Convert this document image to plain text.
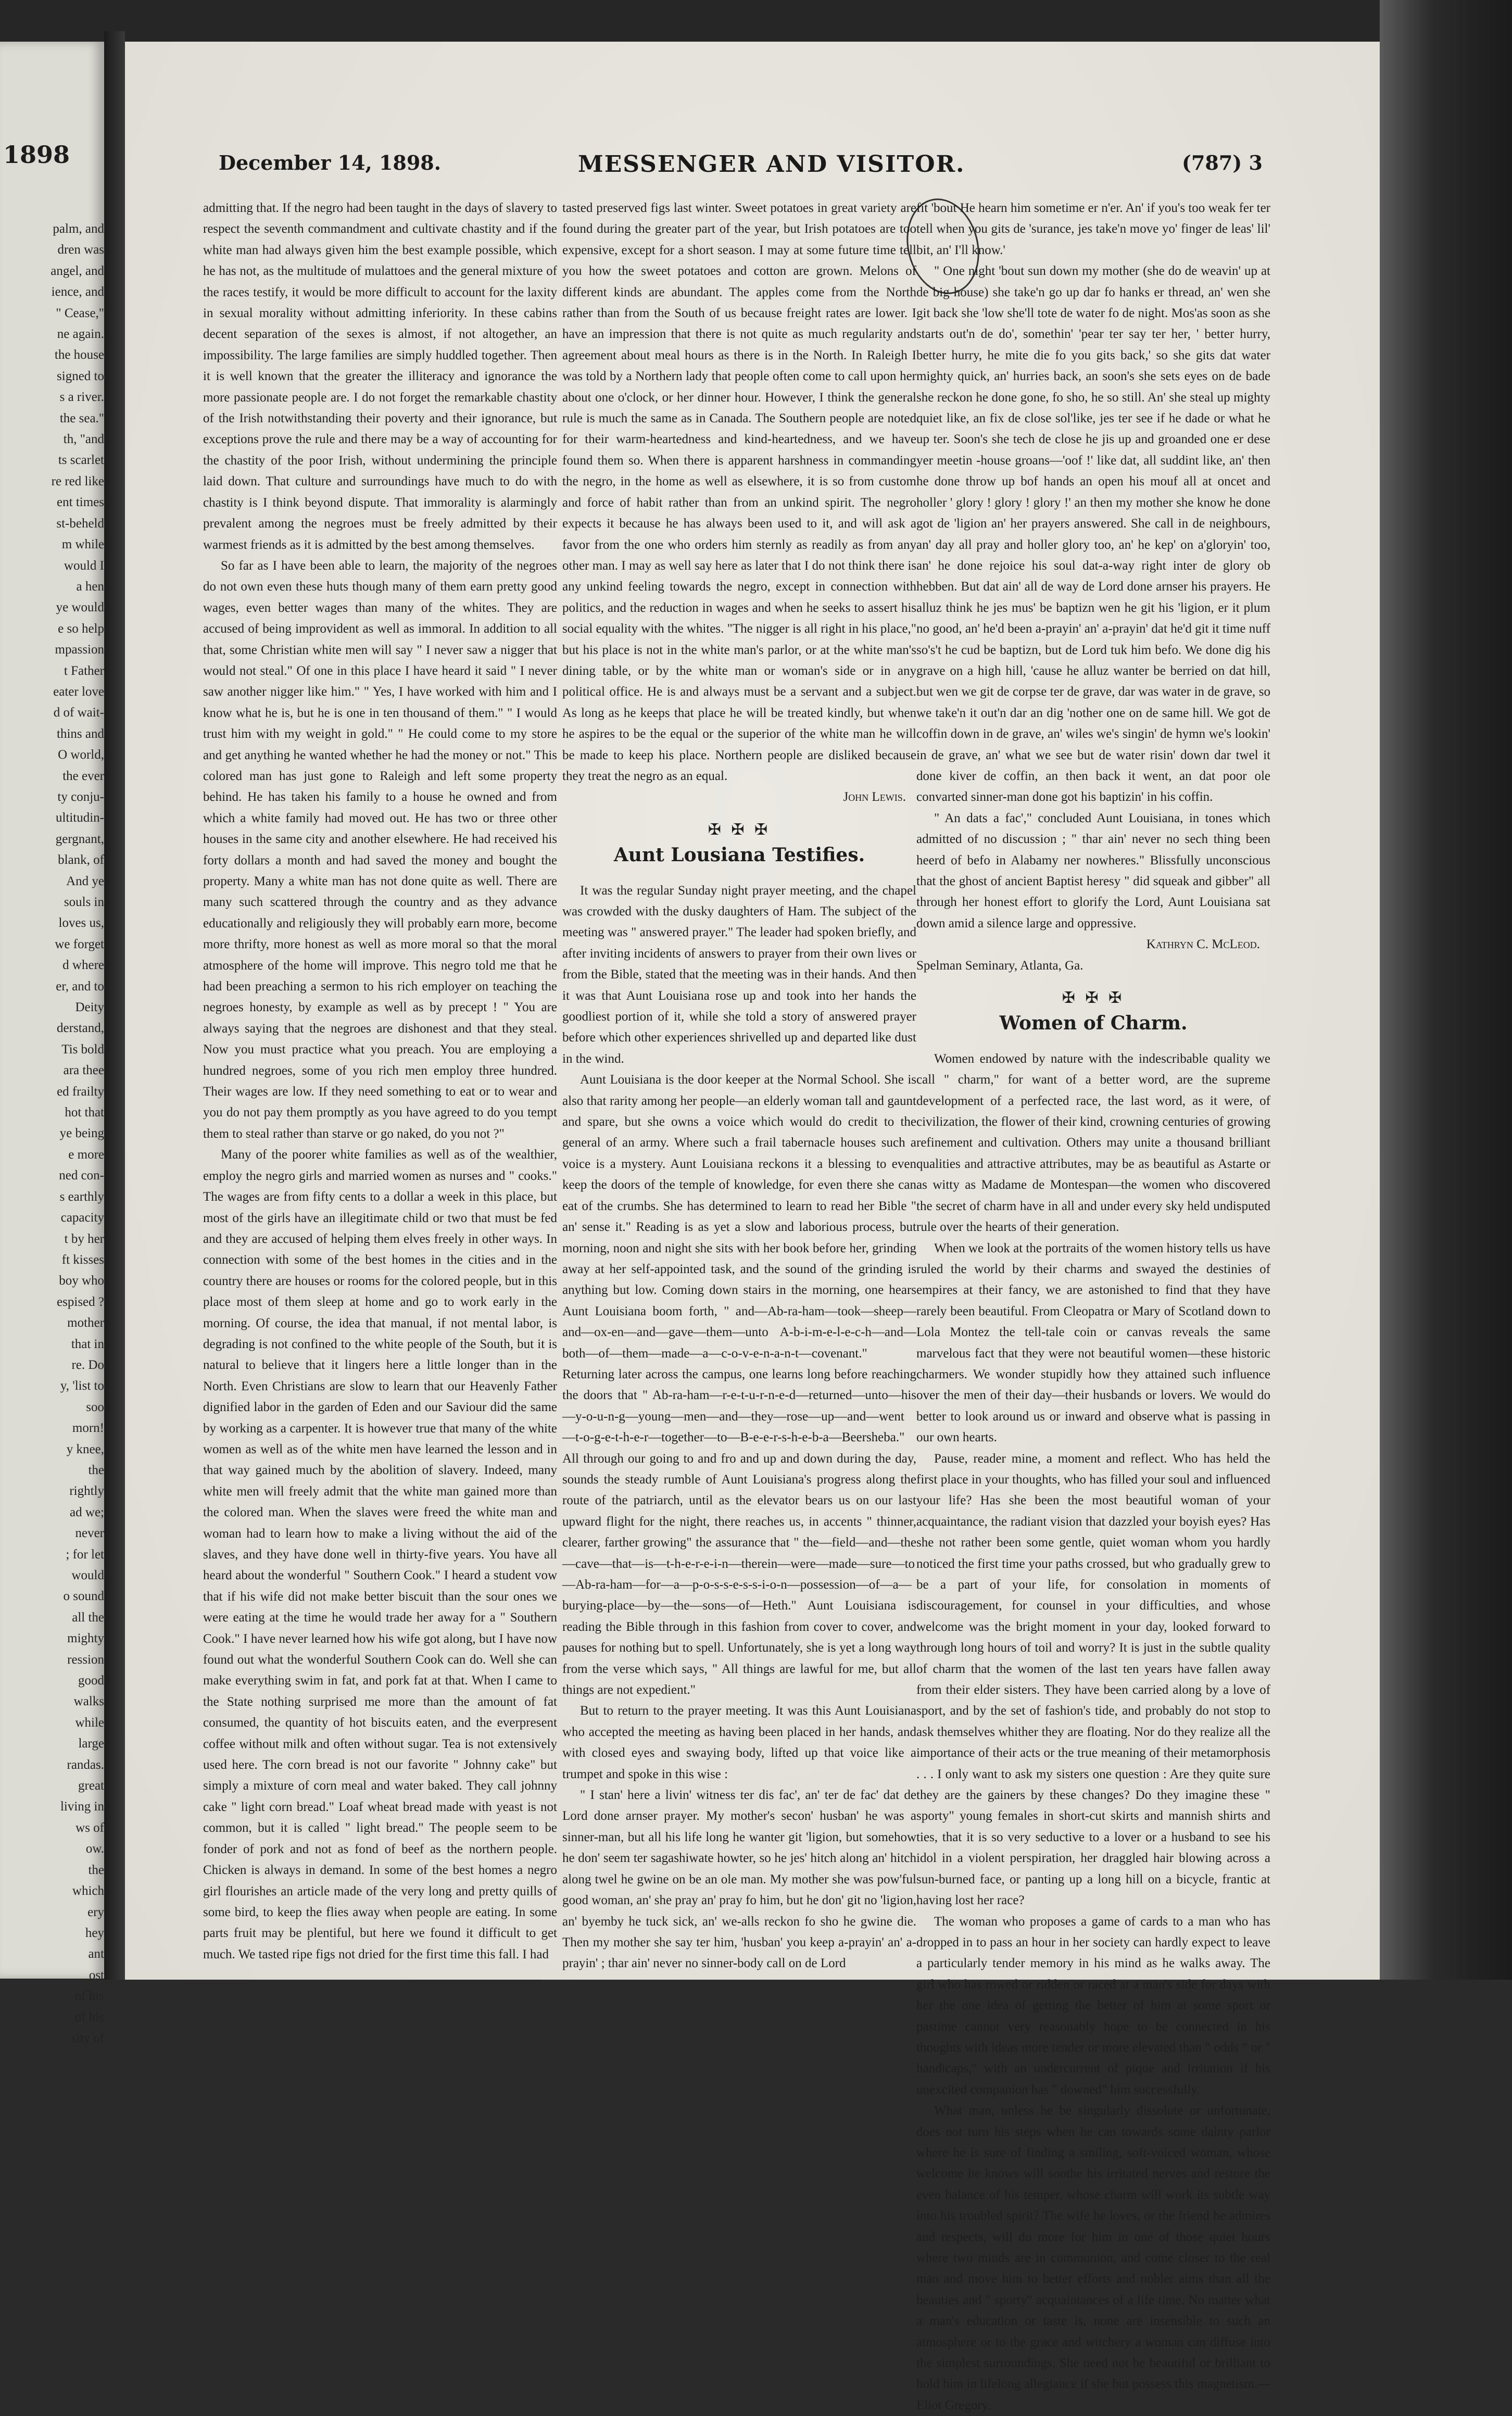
1898
palm, and
dren was
angel, and
ience, and
" Cease,"
ne again.
the house
signed to
s a river.
the sea."
th, "and
ts scarlet
re red like
ent times
st-beheld
m while
would I
a hen
ye would
e so help
mpassion
t Father
eater love
d of wait-
thins and
O world,
the ever
ty conju-
ultitudin-
gergnant,
blank, of
And ye
souls in
loves us,
we forget
d where
er, and to
Deity
derstand,
Tis bold
ara thee
ed frailty
hot that
ye being
e more
ned con-
s earthly
capacity
t by her
ft kisses
boy who
espised ?
mother
that in
re. Do
y, 'list to
soo
morn!
y knee,
the
rightly
ad we;
never
; for let
would
o sound
all the
mighty
ression
good
walks
while
large
randas.
great
living in
ws of
ow.
the
which
ery
hey
ant
ost
of his
of his
sity of
December 14, 1898.	MESSENGER AND VISITOR.	(787) 3

admitting that. If the negro had been taught in the days of slavery to respect the seventh commandment and cultivate chastity and if the white man had always given him the best example possible, which he has not, as the multitude of mulattoes and the general mixture of the races testify, it would be more difficult to account for the laxity in sexual morality without admitting inferiority. In these cabins decent separation of the sexes is almost, if not altogether, an impossibility. The large families are simply huddled together. Then it is well known that the greater the illiteracy and ignorance the more passionate people are. I do not forget the remarkable chastity of the Irish notwithstanding their poverty and their ignorance, but exceptions prove the rule and there may be a way of accounting for the chastity of the poor Irish, without undermining the principle laid down. That culture and surroundings have much to do with chastity is I think beyond dispute. That immorality is alarmingly prevalent among the negroes must be freely admitted by their warmest friends as it is admitted by the best among themselves.

So far as I have been able to learn, the majority of the negroes do not own even these huts though many of them earn pretty good wages, even better wages than many of the whites. They are accused of being improvident as well as immoral. In addition to all that, some Christian white men will say " I never saw a nigger that would not steal." Of one in this place I have heard it said " I never saw another nigger like him." " Yes, I have worked with him and I know what he is, but he is one in ten thousand of them." " I would trust him with my weight in gold." " He could come to my store and get anything he wanted whether he had the money or not." This colored man has just gone to Raleigh and left some property behind. He has taken his family to a house he owned and from which a white family had moved out. He has two or three other houses in the same city and another elsewhere. He had received his forty dollars a month and had saved the money and bought the property. Many a white man has not done quite as well. There are many such scattered through the country and as they advance educationally and religiously they will probably earn more, become more thrifty, more honest as well as more moral so that the moral atmosphere of the home will improve. This negro told me that he had been preaching a sermon to his rich employer on teaching the negroes honesty, by example as well as by precept ! " You are always saying that the negroes are dishonest and that they steal. Now you must practice what you preach. You are employing a hundred negroes, some of you rich men employ three hundred. Their wages are low. If they need something to eat or to wear and you do not pay them promptly as you have agreed to do you tempt them to steal rather than starve or go naked, do you not ?"

Many of the poorer white families as well as of the wealthier, employ the negro girls and married women as nurses and " cooks." The wages are from fifty cents to a dollar a week in this place, but most of the girls have an illegitimate child or two that must be fed and they are accused of helping them elves freely in other ways. In connection with some of the best homes in the cities and in the country there are houses or rooms for the colored people, but in this place most of them sleep at home and go to work early in the morning. Of course, the idea that manual, if not mental labor, is degrading is not confined to the white people of the South, but it is natural to believe that it lingers here a little longer than in the North. Even Christians are slow to learn that our Heavenly Father dignified labor in the garden of Eden and our Saviour did the same by working as a carpenter. It is however true that many of the white women as well as of the white men have learned the lesson and in that way gained much by the abolition of slavery. Indeed, many white men will freely admit that the white man gained more than the colored man. When the slaves were freed the white man and woman had to learn how to make a living without the aid of the slaves, and they have done well in thirty-five years. You have all heard about the wonderful " Southern Cook." I heard a student vow that if his wife did not make better biscuit than the sour ones we were eating at the time he would trade her away for a " Southern Cook." I have never learned how his wife got along, but I have now found out what the wonderful Southern Cook can do. Well she can make everything swim in fat, and pork fat at that. When I came to the State nothing surprised me more than the amount of fat consumed, the quantity of hot biscuits eaten, and the everpresent coffee without milk and often without sugar. Tea is not extensively used here. The corn bread is not our favorite " Johnny cake" but simply a mixture of corn meal and water baked. They call johnny cake " light corn bread." Loaf wheat bread made with yeast is not common, but it is called " light bread." The people seem to be fonder of pork and not as fond of beef as the northern people. Chicken is always in demand. In some of the best homes a negro girl flourishes an article made of the very long and pretty quills of some bird, to keep the flies away when people are eating. In some parts fruit may be plentiful, but here we found it difficult to get much. We tasted ripe figs not dried for the first time this fall. I had

tasted preserved figs last winter. Sweet potatoes in great variety are found during the greater part of the year, but Irish potatoes are too expensive, except for a short season. I may at some future time tell you how the sweet potatoes and cotton are grown. Melons of different kinds are abundant. The apples come from the North rather than from the South of us because freight rates are lower. I have an impression that there is not quite as much regularity and agreement about meal hours as there is in the North. In Raleigh I was told by a Northern lady that people often come to call upon her about one o'clock, or her dinner hour. However, I think the general rule is much the same as in Canada. The Southern people are noted for their warm-heartedness and kind-heartedness, and we have found them so. When there is apparent harshness in commanding the negro, in the home as well as elsewhere, it is so from custom and force of habit rather than from an unkind spirit. The negro expects it because he has always been used to it, and will ask a favor from the one who orders him sternly as readily as from any other man. I may as well say here as later that I do not think there is any unkind feeling towards the negro, except in connection with politics, and the reduction in wages and when he seeks to assert his social equality with the whites. "The nigger is all right in his place," but his place is not in the white man's parlor, or at the white man's dining table, or by the white man or woman's side or in any political office. He is and always must be a servant and a subject. As long as he keeps that place he will be treated kindly, but when he aspires to be the equal or the superior of the white man he will be made to keep his place. Northern people are disliked because they treat the negro as an equal.

John Lewis.

✠ ✠ ✠
Aunt Lousiana Testifies.

It was the regular Sunday night prayer meeting, and the chapel was crowded with the dusky daughters of Ham. The subject of the meeting was " answered prayer." The leader had spoken briefly, and after inviting incidents of answers to prayer from their own lives or from the Bible, stated that the meeting was in their hands. And then it was that Aunt Louisiana rose up and took into her hands the goodliest portion of it, while she told a story of answered prayer before which other experiences shrivelled up and departed like dust in the wind.

Aunt Louisiana is the door keeper at the Normal School. She is also that rarity among her people—an elderly woman tall and gaunt and spare, but she owns a voice which would do credit to the general of an army. Where such a frail tabernacle houses such a voice is a mystery. Aunt Louisiana reckons it a blessing to even keep the doors of the temple of knowledge, for even there she can eat of the crumbs. She has determined to learn to read her Bible " an' sense it." Reading is as yet a slow and laborious process, but morning, noon and night she sits with her book before her, grinding away at her self-appointed task, and the sound of the grinding is anything but low. Coming down stairs in the morning, one hears Aunt Louisiana boom forth, " and—Ab-ra-ham—took—sheep—and—ox-en—and—gave—them—unto A-b-i-m-e-l-e-c-h—and—both—of—them—made—a—c-o-v-e-n-a-n-t—covenant." Returning later across the campus, one learns long before reaching the doors that " Ab-ra-ham—r-e-t-u-r-n-e-d—returned—unto—his—y-o-u-n-g—young—men—and—they—rose—up—and—went—t-o-g-e-t-h-e-r—together—to—B-e-e-r-s-h-e-b-a—Beersheba." All through our going to and fro and up and down during the day, sounds the steady rumble of Aunt Louisiana's progress along the route of the patriarch, until as the elevator bears us on our last upward flight for the night, there reaches us, in accents " thinner, clearer, farther growing" the assurance that " the—field—and—the—cave—that—is—t-h-e-r-e-i-n—therein—were—made—sure—to—Ab-ra-ham—for—a—p-o-s-s-e-s-s-i-o-n—possession—of—a—burying-place—by—the—sons—of—Heth." Aunt Louisiana is reading the Bible through in this fashion from cover to cover, and pauses for nothing but to spell. Unfortunately, she is yet a long way from the verse which says, " All things are lawful for me, but all things are not expedient."

But to return to the prayer meeting. It was this Aunt Louisiana who accepted the meeting as having been placed in her hands, and with closed eyes and swaying body, lifted up that voice like a trumpet and spoke in this wise :

" I stan' here a livin' witness ter dis fac', an' ter de fac' dat de Lord done arnser prayer. My mother's secon' husban' he was a sinner-man, but all his life long he wanter git 'ligion, but somehow he don' seem ter sagashiwate howter, so he jes' hitch along an' hitch along twel he gwine on be an ole man. My mother she was pow'ful good woman, an' she pray an' pray fo him, but he don' git no 'ligion, an' byemby he tuck sick, an' we-alls reckon fo sho he gwine die. Then my mother she say ter him, 'husban' you keep a-prayin' an' a-prayin' ; thar ain' never no sinner-body call on de Lord

fit 'bout He hearn him sometime er n'er. An' if you's too weak fer ter tell when you gits de 'surance, jes take'n move yo' finger de leas' lil' bit, an' I'll know.'

" One night 'bout sun down my mother (she do de weavin' up at de big house) she take'n go up dar fo hanks er thread, an' wen she git back she 'low she'll tote de water fo de night. Mos'as soon as she starts out'n de do', somethin' 'pear ter say ter her, ' better hurry, better hurry, he mite die fo you gits back,' so she gits dat water mighty quick, an' hurries back, an soon's she sets eyes on de bade she reckon he done gone, fo sho, he so still. An' she steal up mighty quiet like, an fix de close sol'like, jes ter see if he dade or what he up ter. Soon's she tech de close he jis up and groanded one er dese yer meetin -house groans—'oof !' like dat, all suddint like, an' then he done throw up bof hands an open his mouf all at oncet and holler ' glory ! glory ! glory !' an then my mother she know he done got de 'ligion an' her prayers answered. She call in de neighbours, an' day all pray and holler glory too, an' he kep' on a'gloryin' too, an' he done rejoice his soul dat-a-way right inter de glory ob hebben. But dat ain' all de way de Lord done arnser his prayers. He alluz think he jes mus' be baptizn wen he git his 'ligion, er it plum no good, an' he'd been a-prayin' an' a-prayin' dat he'd git it time nuff so's't he cud be baptizn, but de Lord tuk him befo. We done dig his grave on a high hill, 'cause he alluz wanter be berried on dat hill, but wen we git de corpse ter de grave, dar was water in de grave, so we take'n it out'n dar an dig 'nother one on de same hill. We got de coffin down in de grave, an' wiles we's singin' de hymn we's lookin' in de grave, an' what we see but de water risin' down dar twel it done kiver de coffin, an then back it went, an dat poor ole convarted sinner-man done got his baptizin' in his coffin.

" An dats a fac'," concluded Aunt Louisiana, in tones which admitted of no discussion ; " thar ain' never no sech thing been heerd of befo in Alabamy ner nowheres." Blissfully unconscious that the ghost of ancient Baptist heresy " did squeak and gibber" all through her honest effort to glorify the Lord, Aunt Louisiana sat down amid a silence large and oppressive.

Kathryn C. McLeod.

Spelman Seminary, Atlanta, Ga.

✠ ✠ ✠
Women of Charm.

Women endowed by nature with the indescribable quality we call " charm," for want of a better word, are the supreme development of a perfected race, the last word, as it were, of civilization, the flower of their kind, crowning centuries of growing refinement and cultivation. Others may unite a thousand brilliant qualities and attractive attributes, may be as beautiful as Astarte or as witty as Madame de Montespan—the women who discovered the secret of charm have in all and under every sky held undisputed rule over the hearts of their generation.

When we look at the portraits of the women history tells us have ruled the world by their charms and swayed the destinies of empires at their fancy, we are astonished to find that they have rarely been beautiful. From Cleopatra or Mary of Scotland down to Lola Montez the tell-tale coin or canvas reveals the same marvelous fact that they were not beautiful women—these historic charmers. We wonder stupidly how they attained such influence over the men of their day—their husbands or lovers. We would do better to look around us or inward and observe what is passing in our own hearts.

Pause, reader mine, a moment and reflect. Who has held the first place in your thoughts, who has filled your soul and influenced your life? Has she been the most beautiful woman of your acquaintance, the radiant vision that dazzled your boyish eyes? Has she not rather been some gentle, quiet woman whom you hardly noticed the first time your paths crossed, but who gradually grew to be a part of your life, for consolation in moments of discouragement, for counsel in your difficulties, and whose welcome was the bright moment in your day, looked forward to through long hours of toil and worry? It is just in the subtle quality of charm that the women of the last ten years have fallen away from their elder sisters. They have been carried along by a love of sport, and by the set of fashion's tide, and probably do not stop to ask themselves whither they are floating. Nor do they realize all the importance of their acts or the true meaning of their metamorphosis . . . I only want to ask my sisters one question : Are they quite sure they are the gainers by these changes? Do they imagine these " sporty" young females in short-cut skirts and mannish shirts and ties, that it is so very seductive to a lover or a husband to see his idol in a violent perspiration, her draggled hair blowing across a sun-burned face, or panting up a long hill on a bicycle, frantic at having lost her race?

The woman who proposes a game of cards to a man who has dropped in to pass an hour in her society can hardly expect to leave a particularly tender memory in his mind as he walks away. The girl who has rowed or ridden or raced at a man's side for days with her the one idea of getting the better of him at some sport or pastime cannot very reasonably hope to be connected in his thoughts with ideas more tender or more elevated than " odds " or " handicaps," with an undercurrent of pique and irritation if his unexcited companion has " downed" him successfully.

What man, unless he be singularly dissolute or unfortunate, does not turn his steps when he can towards some dainty parlor where he is sure of finding a smiling, soft-voiced woman, whose welcome he knows will soothe his irritated nerves and restore the even balance of his temper, whose charm will work its subtle way into his troubled spirit? The wife he loves, or the friend he admires and respects, will do more for him in one of those quiet hours where two minds are in communion, and come closer to the real man and move him to better efforts and nobler aims than all the beauties and " sporty" acquaintances of a life time. No matter what a man's education or taste is, none are insensible to such an atmosphere or to the grace and witchery a woman can diffuse into the simplest surroundings. She need not be beautiful or brilliant to hold him in lifelong allegiance if she but possess this magnetism.—Eliot Gregory.
